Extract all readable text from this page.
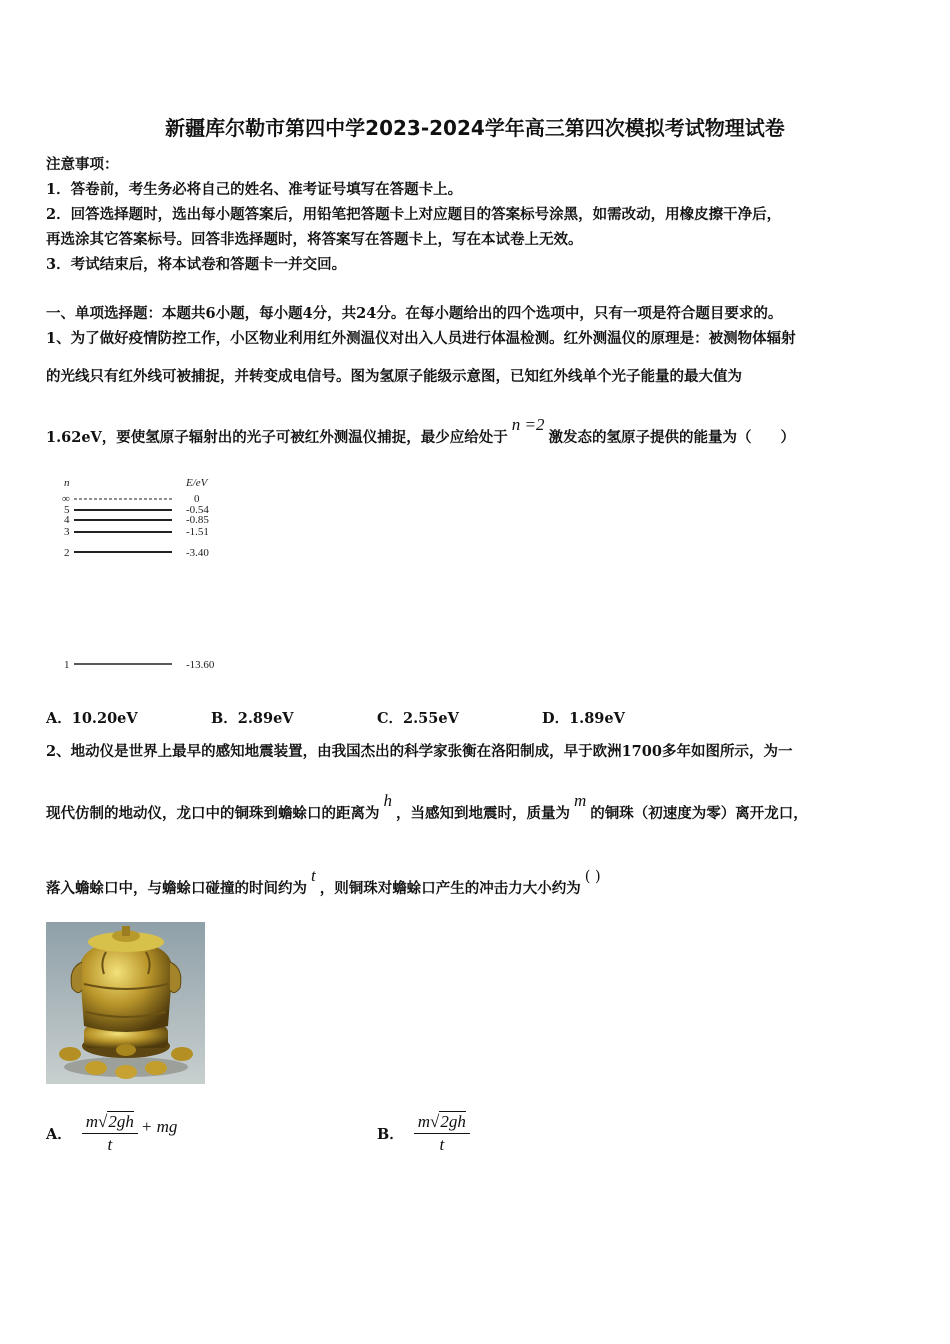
新疆库尔勒市第四中学2023-2024学年高三第四次模拟考试物理试卷
注意事项：
1．答卷前，考生务必将自己的姓名、准考证号填写在答题卡上。
2．回答选择题时，选出每小题答案后，用铅笔把答题卡上对应题目的答案标号涂黑，如需改动，用橡皮擦干净后，
再选涂其它答案标号。回答非选择题时，将答案写在答题卡上，写在本试卷上无效。
3．考试结束后，将本试卷和答题卡一并交回。
一、单项选择题：本题共6小题，每小题4分，共24分。在每小题给出的四个选项中，只有一项是符合题目要求的。
1、为了做好疫情防控工作，小区物业利用红外测温仪对出入人员进行体温检测。红外测温仪的原理是：被测物体辐射
的光线只有红外线可被捕捉，并转变成电信号。图为氢原子能级示意图，已知红外线单个光子能量的最大值为
1.62eV，要使氢原子辐射出的光子可被红外测温仪捕捉，最少应给处于n =2激发态的氢原子提供的能量为（　　）
n	E/eV
∞	0
5	-0.54
4	-0.85
3	-1.51
2	-3.40
1	-13.60
A．10.20eV	B．2.89eV	C．2.55eV	D．1.89eV
2、地动仪是世界上最早的感知地震装置，由我国杰出的科学家张衡在洛阳制成，早于欧洲1700多年如图所示，为一
现代仿制的地动仪，龙口中的铜珠到蟾蜍口的距离为h，当感知到地震时，质量为m的铜珠（初速度为零）离开龙口，
落入蟾蜍口中，与蟾蜍口碰撞的时间约为t，则铜珠对蟾蜍口产生的冲击力大小约为( )
A． $\frac{m√2gh}{t}$ + mg	B． $\frac{m√2gh}{t}$
